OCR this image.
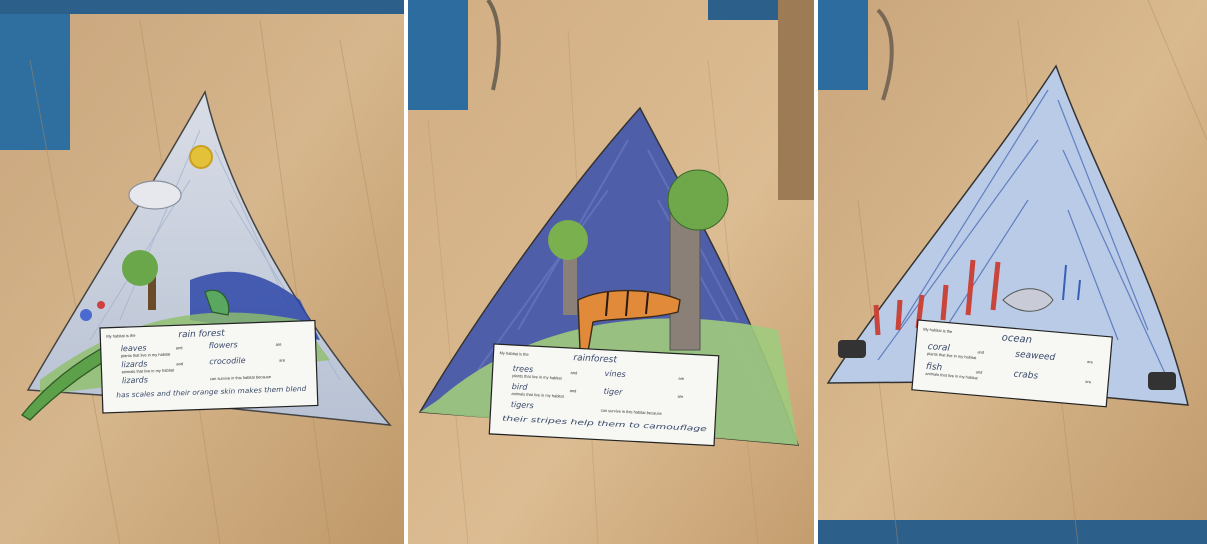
My habitat is the	rain forest
leaves	and	flowers	are
plants that live in my habitat
lizards	and	crocodile	are
animals that live in my habitat
lizards	can survive in this habitat because
has scales and their orange skin makes them blend
My habitat is the	rainforest
trees	and	vines	are
plants that live in my habitat
bird	and	tiger	are
animals that live in my habitat
tigers
can survive in this habitat because
their stripes help them to camouflage
My habitat is the
ocean
coral	and	seaweed	are
plants that live in my habitat
fish	and	crabs	are
animals that live in my habitat
